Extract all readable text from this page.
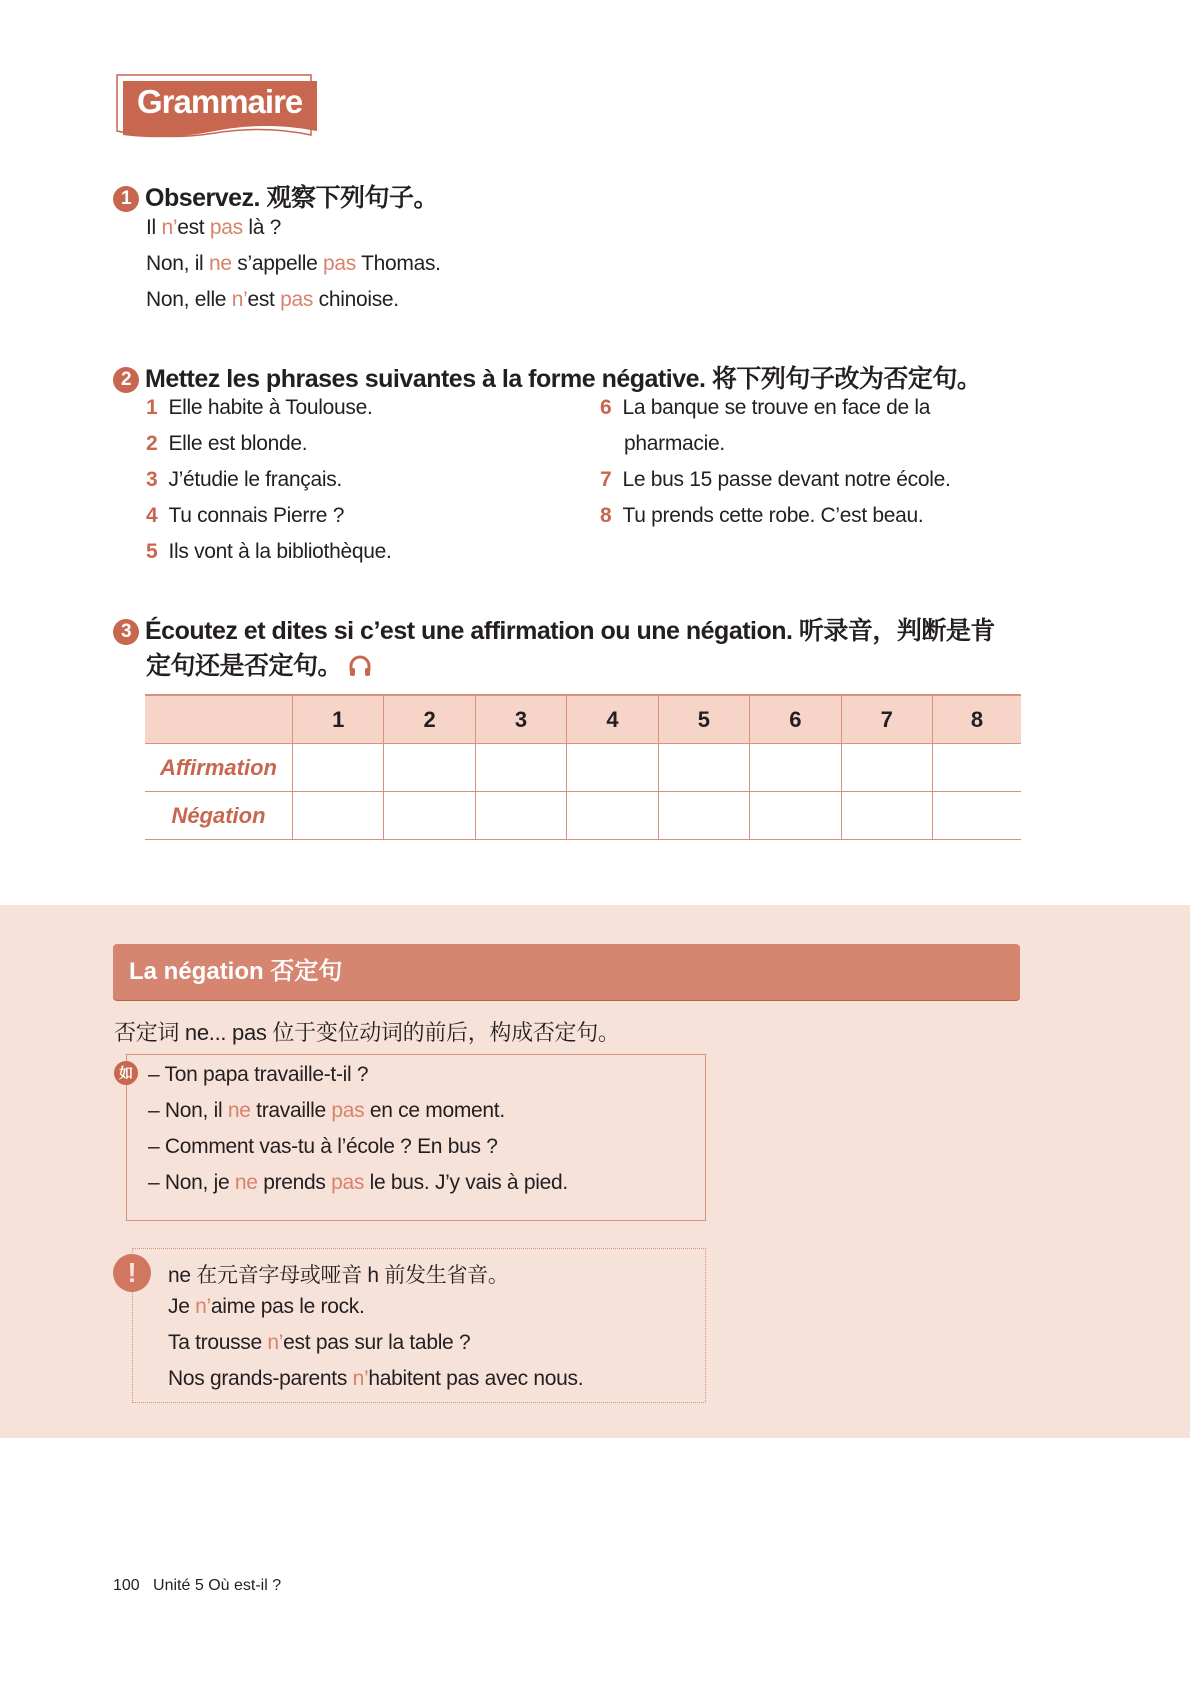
Grammaire
1 Observez. 观察下列句子。
2 Mettez les phrases suivantes à la forme négative. 将下列句子改为否定句。
3 Écoutez et dites si c’est une affirmation ou une négation. 听录音，判断是肯
定句还是否定句。
	1	2	3	4	5	6	7	8
Affirmation								
Négation								
La négation 否定句
否定词 ne... pas 位于变位动词的前后，构成否定句。
如
!
100 Unité 5 Où est-il ?
Il n’est pas là ?
Non, il ne s’appelle pas Thomas.
Non, elle n’est pas chinoise.
1 Elle habite à Toulouse.
2 Elle est blonde.
3 J’étudie le français.
4 Tu connais Pierre ?
5 Ils vont à la bibliothèque.
6 La banque se trouve en face de la
pharmacie.
7 Le bus 15 passe devant notre école.
8 Tu prends cette robe. C’est beau.
– Ton papa travaille-t-il ?
– Non, il ne travaille pas en ce moment.
– Comment vas-tu à l’école ? En bus ?
– Non, je ne prends pas le bus. J’y vais à pied.
ne 在元音字母或哑音 h 前发生省音。
Je n’aime pas le rock.
Ta trousse n’est pas sur la table ?
Nos grands-parents n’habitent pas avec nous.
